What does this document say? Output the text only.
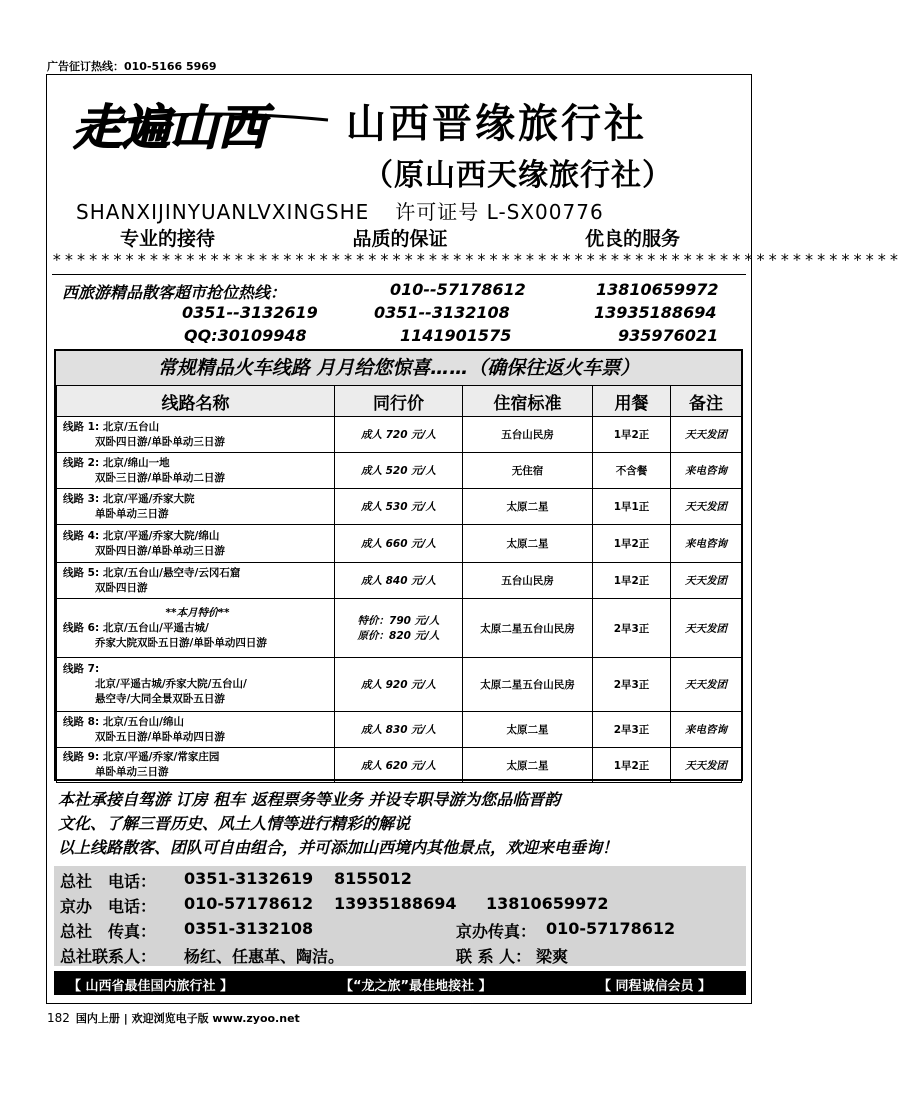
广告征订热线：010-5166 5969
走遍山西 山西晋缘旅行社
（原山西天缘旅行社）
SHANXIJINYUANLVXINGSHE 许可证号 L-SX00776
专业的接待	品质的保证	优良的服务
**********************************************************************
西旅游精品散客超市抢位热线：	010--57178612	13810659972
0351--3132619	0351--3132108	13935188694
QQ:30109948	1141901575	935976021
常规精品火车线路 月月给您惊喜……（确保往返火车票）
线路名称	同行价	住宿标准	用餐	备注
线路 1: 北京/五台山
双卧四日游/单卧单动三日游	成人 720 元/人	五台山民房	1早2正	天天发团
线路 2: 北京/绵山一地
双卧三日游/单卧单动二日游	成人 520 元/人	无住宿	不含餐	来电咨询
线路 3: 北京/平遥/乔家大院
单卧单动三日游	成人 530 元/人	太原二星	1早1正	天天发团
线路 4: 北京/平遥/乔家大院/绵山
双卧四日游/单卧单动三日游	成人 660 元/人	太原二星	1早2正	来电咨询
线路 5: 北京/五台山/悬空寺/云冈石窟
双卧四日游	成人 840 元/人	五台山民房	1早2正	天天发团

**本月特价**
线路 6: 北京/五台山/平遥古城/
乔家大院双卧五日游/单卧单动四日游	特价：790 元/人
原价：820 元/人	太原二星五台山民房	2早3正	天天发团
线路 7:
北京/平遥古城/乔家大院/五台山/
悬空寺/大同全景双卧五日游	成人 920 元/人	太原二星五台山民房	2早3正	天天发团
线路 8: 北京/五台山/绵山
双卧五日游/单卧单动四日游	成人 830 元/人	太原二星	2早3正	来电咨询
线路 9: 北京/平遥/乔家/常家庄园
单卧单动三日游	成人 620 元/人	太原二星	1早2正	天天发团
本社承接自驾游 订房 租车 返程票务等业务 并设专职导游为您品临晋韵
文化、了解三晋历史、风土人情等进行精彩的解说
以上线路散客、团队可自由组合，并可添加山西境内其他景点，欢迎来电垂询！
总社　电话： 0351-3132619 8155012
京办　电话： 010-57178612 13935188694 13810659972
总社　传真： 0351-3132108	京办传真： 010-57178612
总社联系人： 杨红、任惠革、陶洁。	联 系 人： 梁爽
【 山西省最佳国内旅行社 】	【“龙之旅”最佳地接社 】	【 同程诚信会员 】
182 国内上册 | 欢迎浏览电子版 www.zyoo.net
